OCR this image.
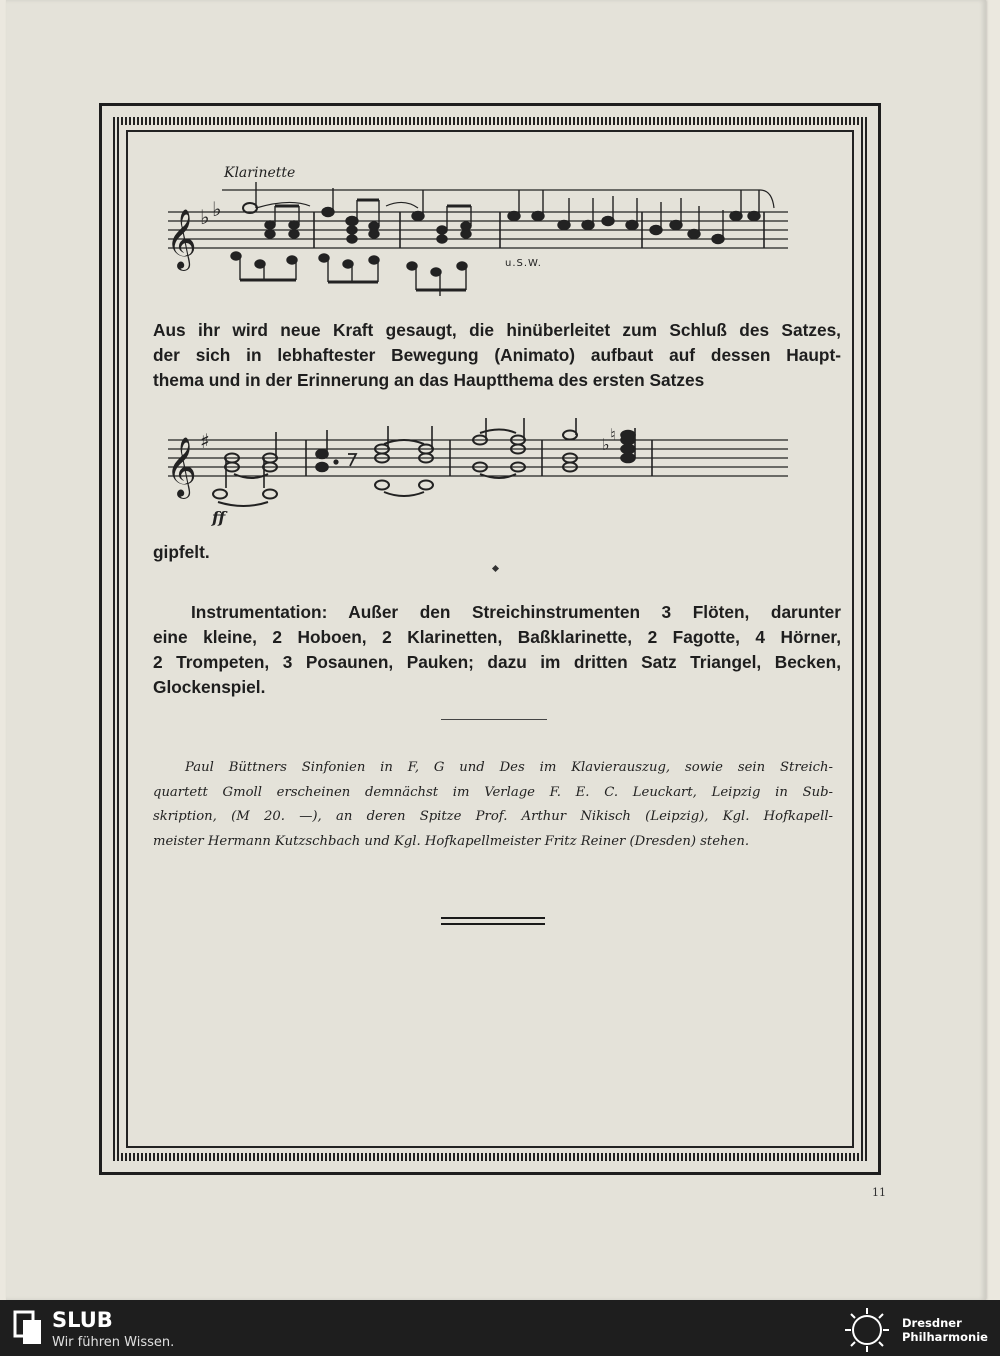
𝄞 ♭ ♭
Klarinette
u.S.W.

Aus ihr wird neue Kraft gesaugt, die hinüberleitet zum Schluß des Satzes,
der sich in lebhaftester Bewegung (Animato) aufbaut auf dessen Haupt-
thema und in der Erinnerung an das Hauptthema des ersten Satzes

𝄞 ♯	♭
♮
ff

gipfelt.

Instrumentation: Außer den Streichinstrumenten 3 Flöten, darunter
eine kleine, 2 Hoboen, 2 Klarinetten, Baßklarinette, 2 Fagotte, 4 Hörner,
2 Trompeten, 3 Posaunen, Pauken; dazu im dritten Satz Triangel, Becken,
Glockenspiel.

Paul Büttners Sinfonien in F, G und Des im Klavierauszug, sowie sein Streich-
quartett Gmoll erscheinen demnächst im Verlage F. E. C. Leuckart, Leipzig in Sub-
skription, (M 20. —), an deren Spitze Prof. Arthur Nikisch (Leipzig), Kgl. Hofkapell-
meister Hermann Kutzschbach und Kgl. Hofkapellmeister Fritz Reiner (Dresden) stehen.

11
SLUB
Wir führen Wissen.
Dresdner
Philharmonie
